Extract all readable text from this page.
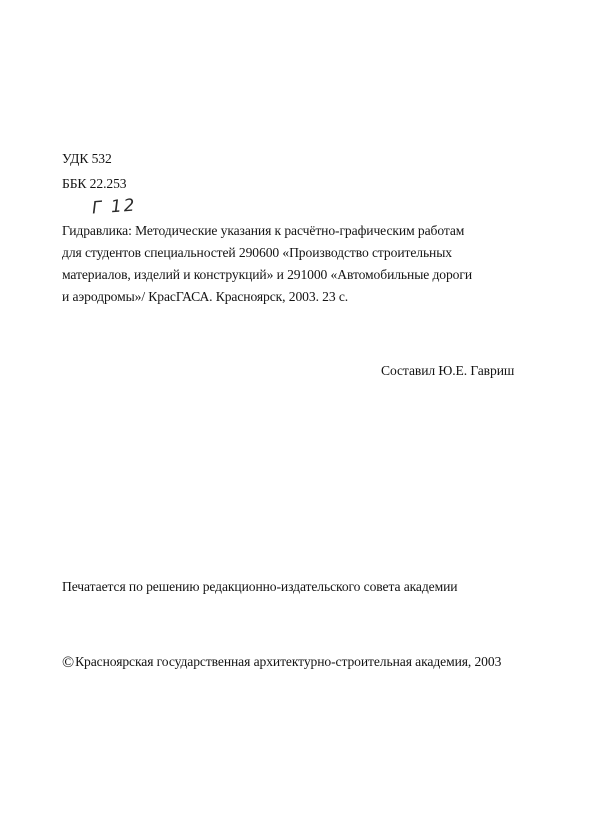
УДК 532
ББК 22.253
Г 12
Гидравлика: Методические указания к расчётно-графическим работам
для студентов специальностей 290600 «Производство строительных
материалов, изделий и конструкций» и 291000 «Автомобильные дороги
и аэродромы»/ КрасГАСА. Красноярск, 2003. 23 с.
Составил Ю.Е. Гавриш
Печатается по решению редакционно-издательского совета академии
©Красноярская государственная архитектурно-строительная академия, 2003
